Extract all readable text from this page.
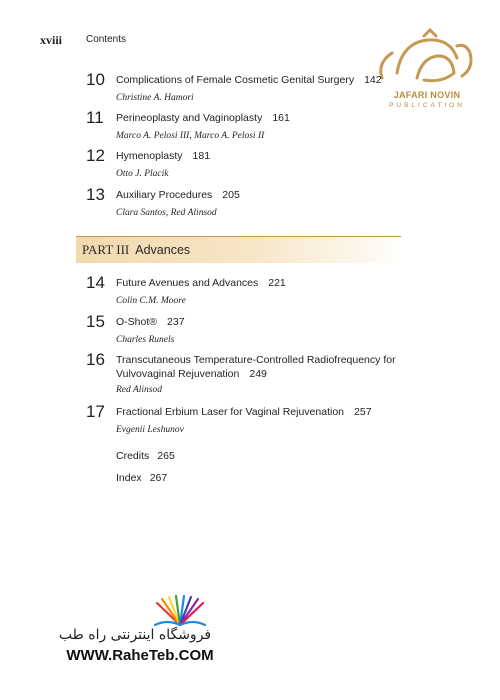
xviii Contents
JAFARI NOVIN
PUBLICATION
10 Complications of Female Cosmetic Genital Surgery 142
Christine A. Hamori
11 Perineoplasty and Vaginoplasty 161
Marco A. Pelosi III, Marco A. Pelosi II
12 Hymenoplasty 181
Otto J. Placik
13 Auxiliary Procedures 205
Clara Santos, Red Alinsod
PART III Advances
14 Future Avenues and Advances 221
Colin C.M. Moore
15 O-Shot® 237
Charles Runels
16 Transcutaneous Temperature-Controlled Radiofrequency for Vulvovaginal Rejuvenation 249
Red Alinsod
17 Fractional Erbium Laser for Vaginal Rejuvenation 257
Evgenii Leshunov
Credits 265
Index 267
فروشگاه اینترنتی راه طب
WWW.RaheTeb.COM
